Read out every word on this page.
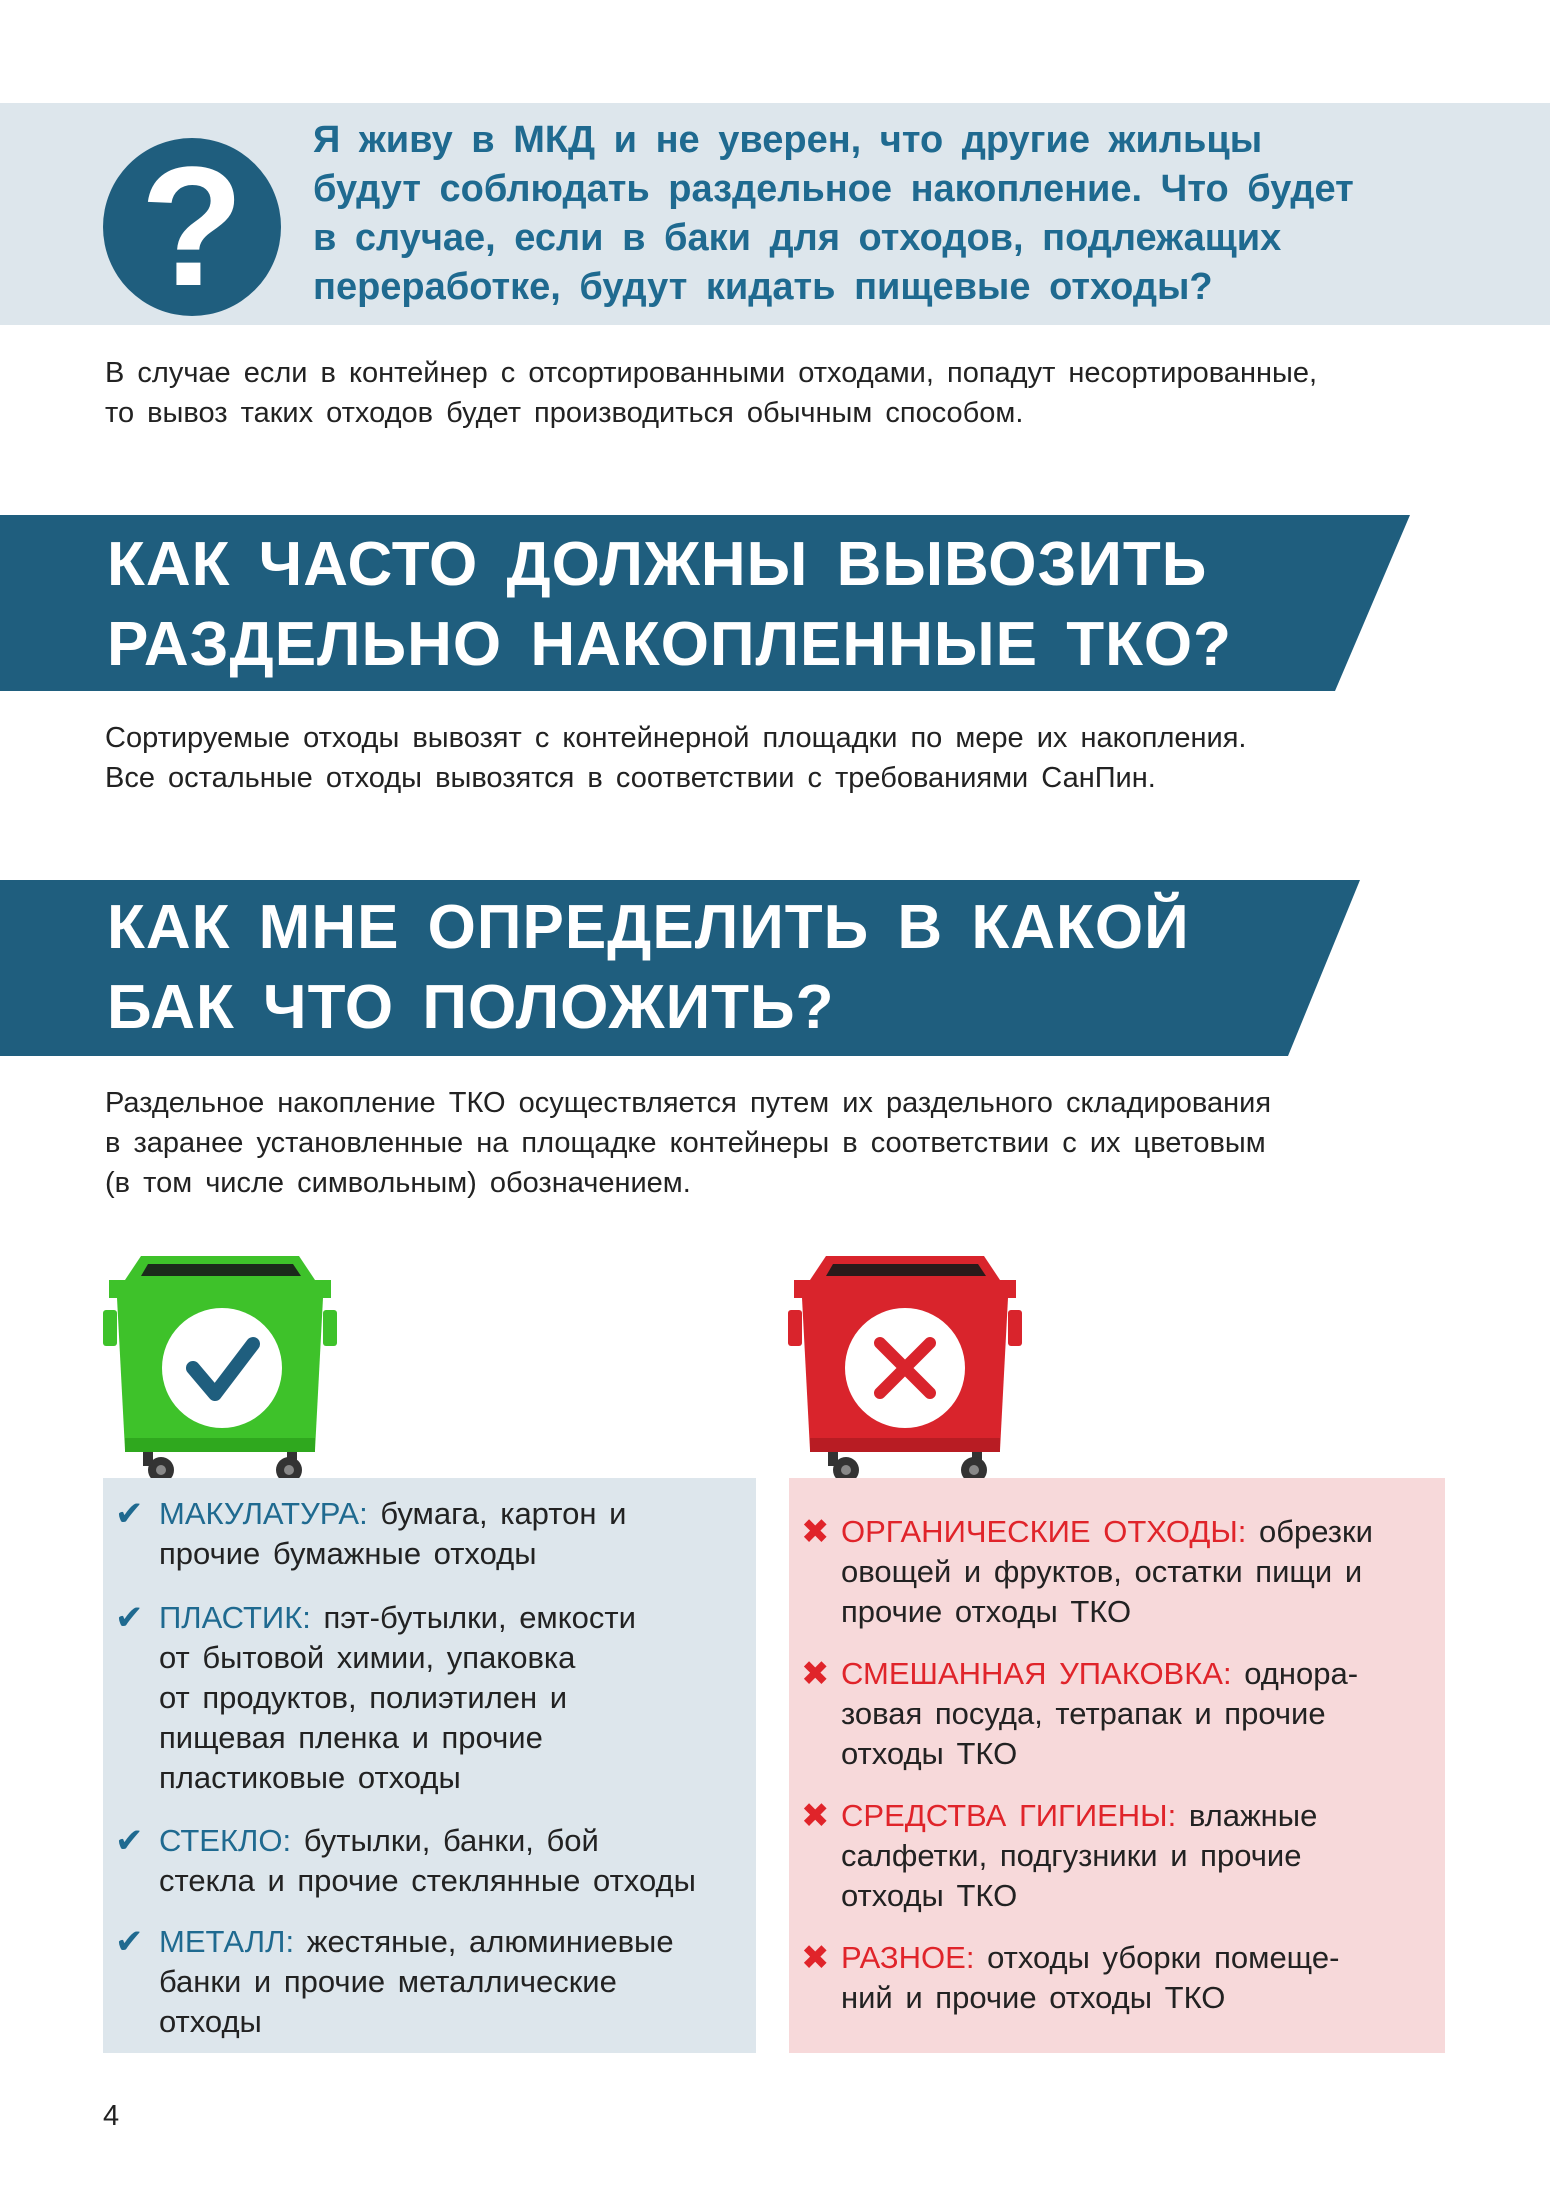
?	Я живу в МКД и не уверен, что другие жильцы
будут соблюдать раздельное накопление. Что будет
в случае, если в баки для отходов, подлежащих
переработке, будут кидать пищевые отходы?
В случае если в контейнер с отсортированными отходами, попадут несортированные,
то вывоз таких отходов будет производиться обычным способом.
КАК ЧАСТО ДОЛЖНЫ ВЫВОЗИТЬ
РАЗДЕЛЬНО НАКОПЛЕННЫЕ ТКО?
Сортируемые отходы вывозят с контейнерной площадки по мере их накопления.
Все остальные отходы вывозятся в соответствии с требованиями СанПин.
КАК МНЕ ОПРЕДЕЛИТЬ В КАКОЙ
БАК ЧТО ПОЛОЖИТЬ?
Раздельное накопление ТКО осуществляется путем их раздельного складирования
в заранее установленные на площадке контейнеры в соответствии с их цветовым
(в том числе символьным) обозначением.
✔ МАКУЛАТУРА: бумага, картон и
прочие бумажные отходы
✔ ПЛАСТИК: пэт-бутылки, емкости
от бытовой химии, упаковка
от продуктов, полиэтилен и
пищевая пленка и прочие
пластиковые отходы
✔ СТЕКЛО: бутылки, банки, бой
стекла и прочие стеклянные отходы
✔ МЕТАЛЛ: жестяные, алюминиевые
банки и прочие металлические
отходы
✖ ОРГАНИЧЕСКИЕ ОТХОДЫ: обрезки
овощей и фруктов, остатки пищи и
прочие отходы ТКО
✖ СМЕШАННАЯ УПАКОВКА: однора-
зовая посуда, тетрапак и прочие
отходы ТКО
✖ СРЕДСТВА ГИГИЕНЫ: влажные
салфетки, подгузники и прочие
отходы ТКО
✖ РАЗНОЕ: отходы уборки помеще-
ний и прочие отходы ТКО
4
